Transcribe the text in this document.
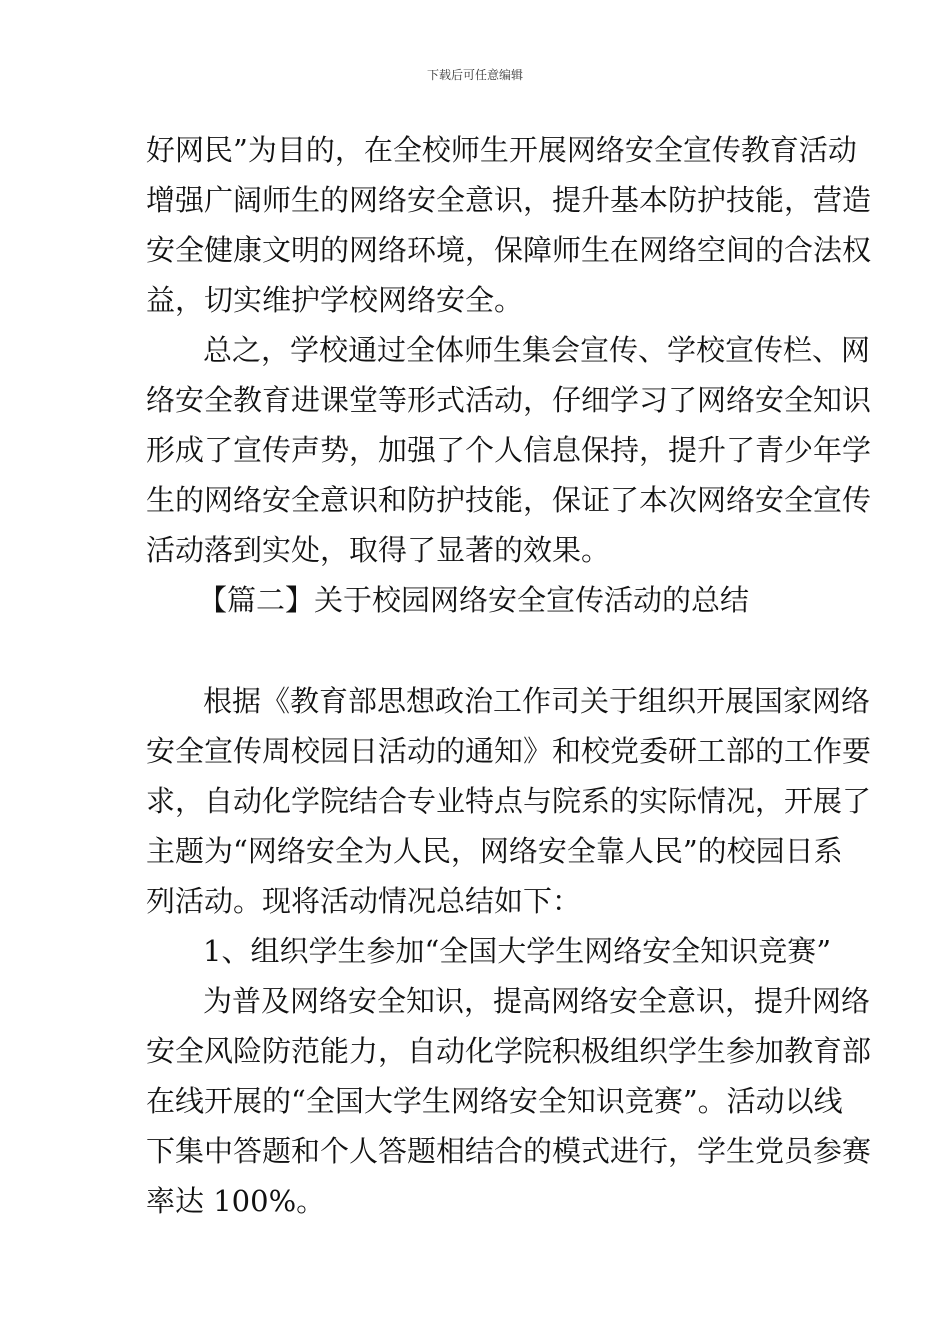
下载后可任意编辑
好网民”为目的，在全校师生开展网络安全宣传教育活动
增强广阔师生的网络安全意识，提升基本防护技能，营造
安全健康文明的网络环境，保障师生在网络空间的合法权
益，切实维护学校网络安全。
总之，学校通过全体师生集会宣传、学校宣传栏、网
络安全教育进课堂等形式活动，仔细学习了网络安全知识
形成了宣传声势，加强了个人信息保持，提升了青少年学
生的网络安全意识和防护技能，保证了本次网络安全宣传
活动落到实处，取得了显著的效果。
【篇二】关于校园网络安全宣传活动的总结
根据《教育部思想政治工作司关于组织开展国家网络
安全宣传周校园日活动的通知》和校党委研工部的工作要
求，自动化学院结合专业特点与院系的实际情况，开展了
主题为“网络安全为人民，网络安全靠人民”的校园日系
列活动。现将活动情况总结如下：
1、组织学生参加“全国大学生网络安全知识竞赛”
为普及网络安全知识，提高网络安全意识，提升网络
安全风险防范能力，自动化学院积极组织学生参加教育部
在线开展的“全国大学生网络安全知识竞赛”。活动以线
下集中答题和个人答题相结合的模式进行，学生党员参赛
率达 100%。
